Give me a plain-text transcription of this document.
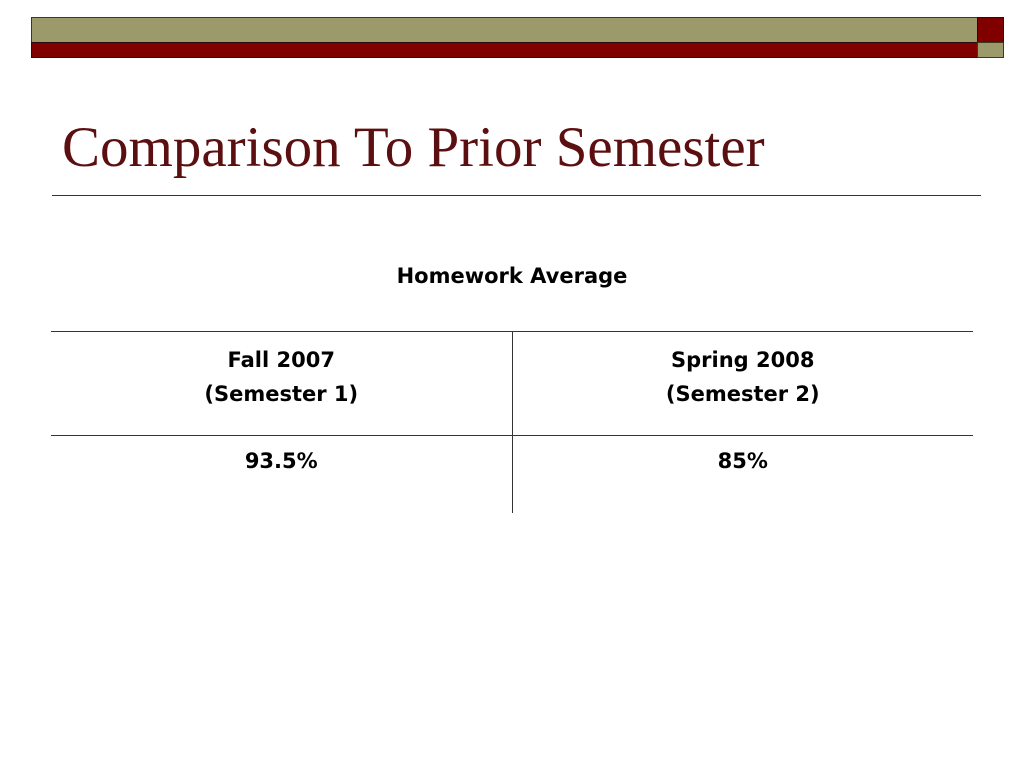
Comparison To Prior Semester
Homework Average
Fall 2007
(Semester 1)
Spring 2008
(Semester 2)
93.5%	85%
